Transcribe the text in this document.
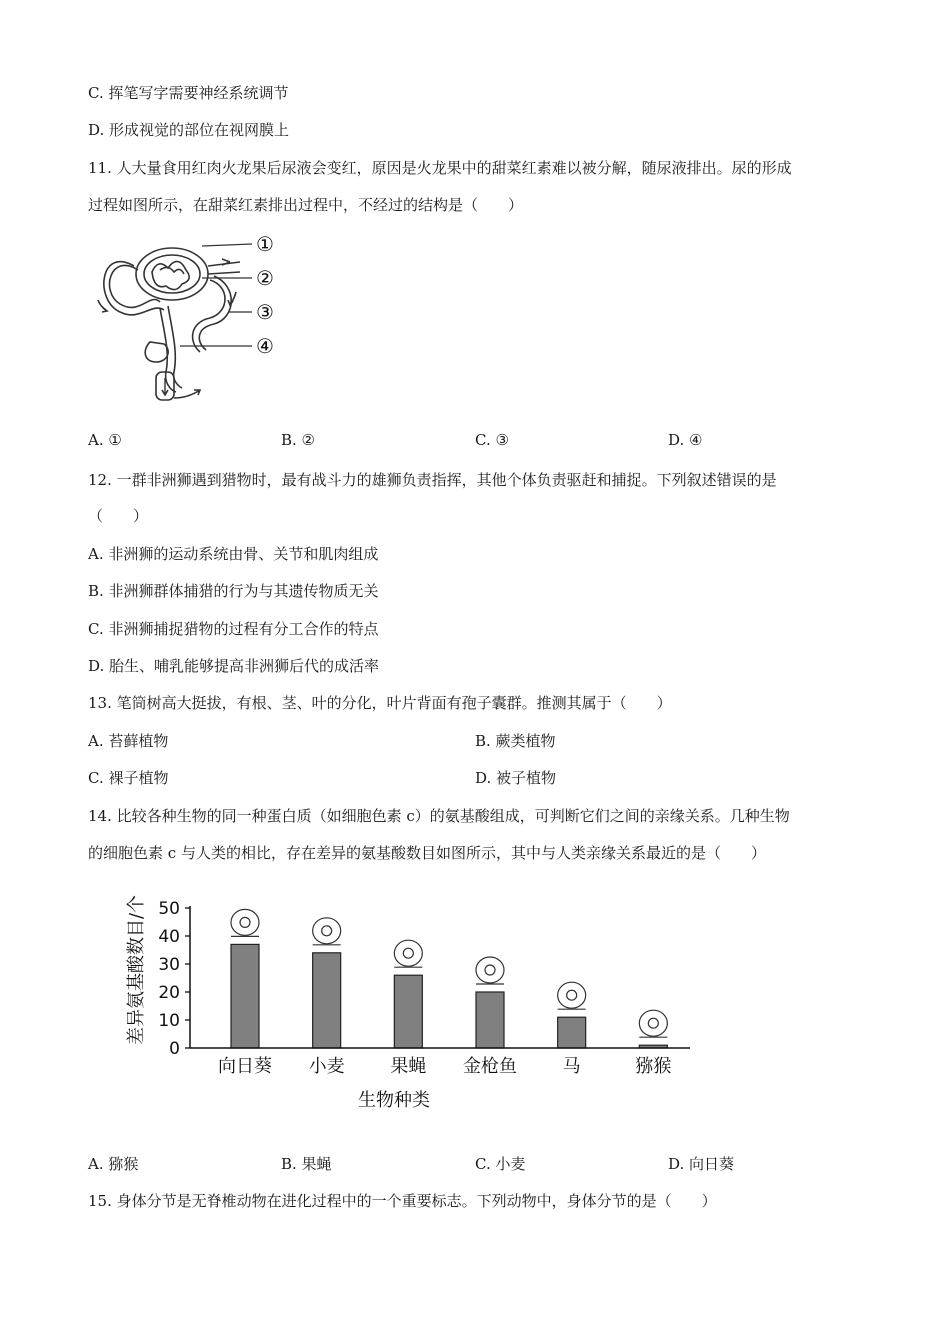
C. 挥笔写字需要神经系统调节
D. 形成视觉的部位在视网膜上
11. 人大量食用红肉火龙果后尿液会变红，原因是火龙果中的甜菜红素难以被分解，随尿液排出。尿的形成
过程如图所示，在甜菜红素排出过程中，不经过的结构是（　　）
①
②
③
④
A. ①	B. ②	C. ③	D. ④
12. 一群非洲狮遇到猎物时，最有战斗力的雄狮负责指挥，其他个体负责驱赶和捕捉。下列叙述错误的是
（　　）
A. 非洲狮的运动系统由骨、关节和肌肉组成
B. 非洲狮群体捕猎的行为与其遗传物质无关
C. 非洲狮捕捉猎物的过程有分工合作的特点
D. 胎生、哺乳能够提高非洲狮后代的成活率
13. 笔筒树高大挺拔，有根、茎、叶的分化，叶片背面有孢子囊群。推测其属于（　　）
A. 苔藓植物	B. 蕨类植物
C. 裸子植物	D. 被子植物
14. 比较各种生物的同一种蛋白质（如细胞色素 c）的氨基酸组成，可判断它们之间的亲缘关系。几种生物
的细胞色素 c 与人类的相比，存在差异的氨基酸数目如图所示，其中与人类亲缘关系最近的是（　　）
0
10
20
30
40
50
向日葵 小麦	果蝇 金枪鱼	马	猕猴
差异氨基酸数目/个
生物种类
A. 猕猴	B. 果蝇	C. 小麦	D. 向日葵
15. 身体分节是无脊椎动物在进化过程中的一个重要标志。下列动物中，身体分节的是（　　）
